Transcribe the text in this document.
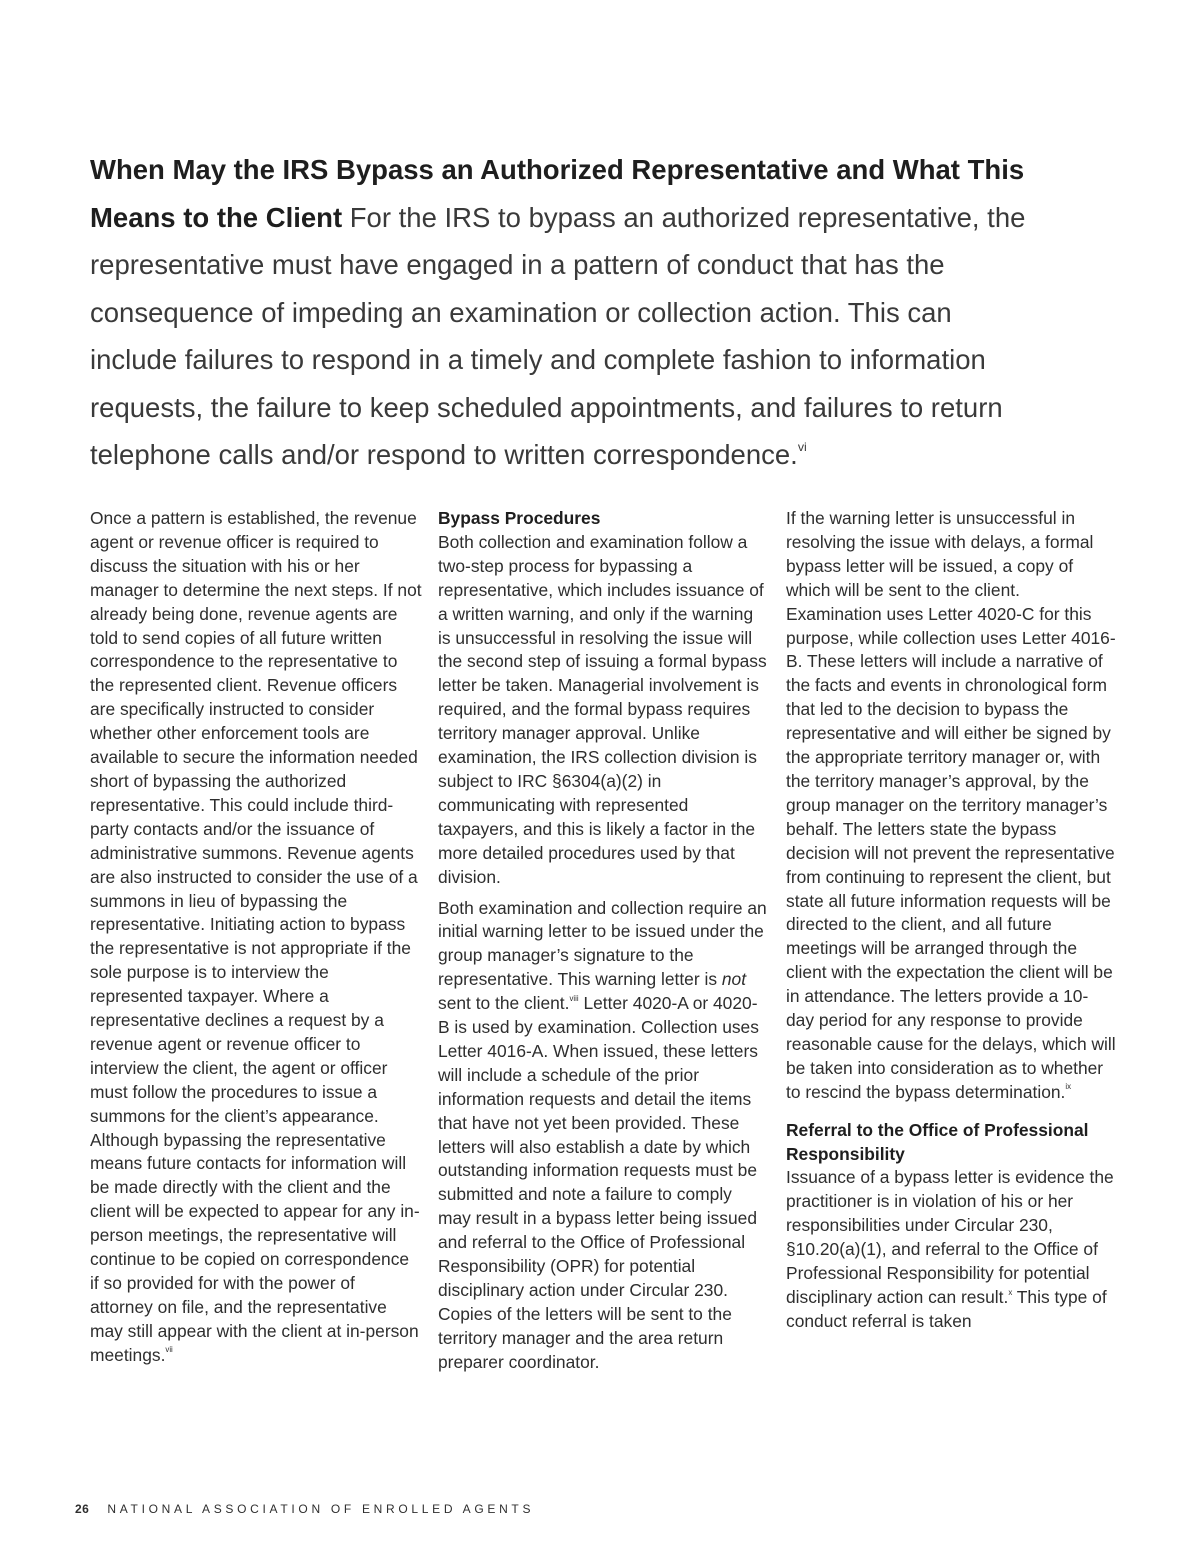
When May the IRS Bypass an Authorized Representative and What This Means to the Client For the IRS to bypass an authorized representative, the representative must have engaged in a pattern of conduct that has the consequence of impeding an examination or collection action. This can include failures to respond in a timely and complete fashion to information requests, the failure to keep scheduled appointments, and failures to return telephone calls and/or respond to written correspondence.$^{vi}$

Once a pattern is established, the revenue agent or revenue officer is required to discuss the situation with his or her manager to determine the next steps. If not already being done, revenue agents are told to send copies of all future written correspondence to the representative to the represented client. Revenue officers are specifically instructed to consider whether other enforcement tools are available to secure the information needed short of bypassing the authorized representative. This could include third-party contacts and/or the issuance of administrative summons. Revenue agents are also instructed to consider the use of a summons in lieu of bypassing the representative. Initiating action to bypass the representative is not appropriate if the sole purpose is to interview the represented taxpayer. Where a representative declines a request by a revenue agent or revenue officer to interview the client, the agent or officer must follow the procedures to issue a summons for the client’s appearance. Although bypassing the representative means future contacts for information will be made directly with the client and the client will be expected to appear for any in-person meetings, the representative will continue to be copied on correspondence if so provided for with the power of attorney on file, and the representative may still appear with the client at in-person meetings.$^{vii}$

Bypass Procedures
Both collection and examination follow a two-step process for bypassing a representative, which includes issuance of a written warning, and only if the warning is unsuccessful in resolving the issue will the second step of issuing a formal bypass letter be taken. Managerial involvement is required, and the formal bypass requires territory manager approval. Unlike examination, the IRS collection division is subject to IRC §6304(a)(2) in communicating with represented taxpayers, and this is likely a factor in the more detailed procedures used by that division.

Both examination and collection require an initial warning letter to be issued under the group manager’s signature to the representative. This warning letter is not sent to the client.$^{viii}$ Letter 4020-A or 4020-B is used by examination. Collection uses Letter 4016-A. When issued, these letters will include a schedule of the prior information requests and detail the items that have not yet been provided. These letters will also establish a date by which outstanding information requests must be submitted and note a failure to comply may result in a bypass letter being issued and referral to the Office of Professional Responsibility (OPR) for potential disciplinary action under Circular 230. Copies of the letters will be sent to the territory manager and the area return preparer coordinator.

If the warning letter is unsuccessful in resolving the issue with delays, a formal bypass letter will be issued, a copy of which will be sent to the client. Examination uses Letter 4020-C for this purpose, while collection uses Letter 4016-B. These letters will include a narrative of the facts and events in chronological form that led to the decision to bypass the representative and will either be signed by the appropriate territory manager or, with the territory manager’s approval, by the group manager on the territory manager’s behalf. The letters state the bypass decision will not prevent the representative from continuing to represent the client, but state all future information requests will be directed to the client, and all future meetings will be arranged through the client with the expectation the client will be in attendance. The letters provide a 10-day period for any response to provide reasonable cause for the delays, which will be taken into consideration as to whether to rescind the bypass determination.$^{ix}$

Referral to the Office of Professional Responsibility
Issuance of a bypass letter is evidence the practitioner is in violation of his or her responsibilities under Circular 230, §10.20(a)(1), and referral to the Office of Professional Responsibility for potential disciplinary action can result.$^x$ This type of conduct referral is taken

26 NATIONAL ASSOCIATION OF ENROLLED AGENTS
